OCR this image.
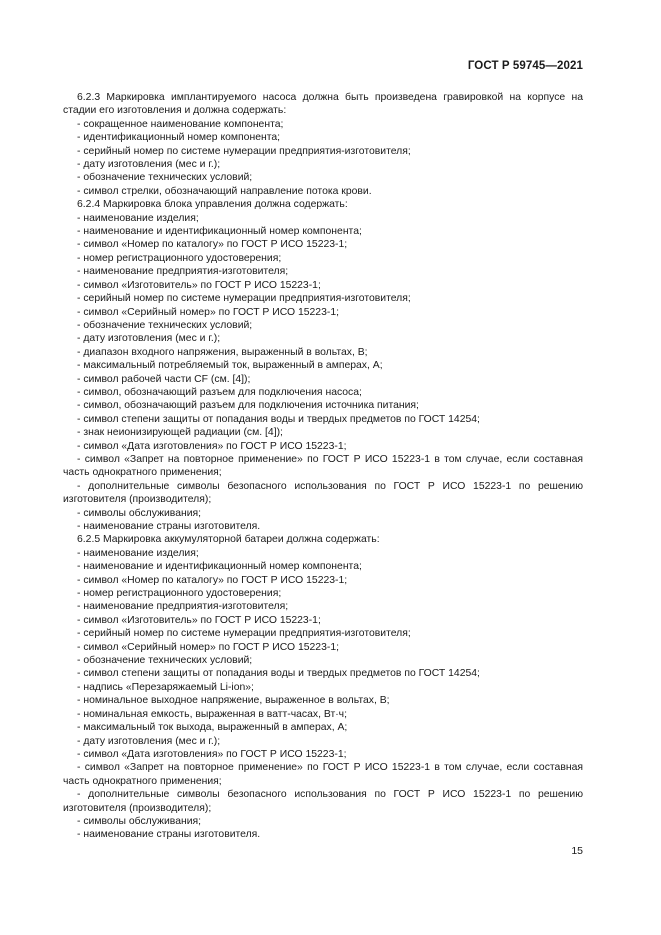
ГОСТ Р 59745—2021

6.2.3 Маркировка имплантируемого насоса должна быть произведена гравировкой на корпусе на стадии его изготовления и должна содержать:

- сокращенное наименование компонента;

- идентификационный номер компонента;

- серийный номер по системе нумерации предприятия-изготовителя;

- дату изготовления (мес и г.);

- обозначение технических условий;

- символ стрелки, обозначающий направление потока крови.

6.2.4 Маркировка блока управления должна содержать:

- наименование изделия;

- наименование и идентификационный номер компонента;

- символ «Номер по каталогу» по ГОСТ Р ИСО 15223-1;

- номер регистрационного удостоверения;

- наименование предприятия-изготовителя;

- символ «Изготовитель» по ГОСТ Р ИСО 15223-1;

- серийный номер по системе нумерации предприятия-изготовителя;

- символ «Серийный номер» по ГОСТ Р ИСО 15223-1;

- обозначение технических условий;

- дату изготовления (мес и г.);

- диапазон входного напряжения, выраженный в вольтах, В;

- максимальный потребляемый ток, выраженный в амперах, А;

- символ рабочей части CF (см. [4]);

- символ, обозначающий разъем для подключения насоса;

- символ, обозначающий разъем для подключения источника питания;

- символ степени защиты от попадания воды и твердых предметов по ГОСТ 14254;

- знак неионизирующей радиации (см. [4]);

- символ «Дата изготовления» по ГОСТ Р ИСО 15223-1;

- символ «Запрет на повторное применение» по ГОСТ Р ИСО 15223-1 в том случае, если составная часть однократного применения;

- дополнительные символы безопасного использования по ГОСТ Р ИСО 15223-1 по решению изготовителя (производителя);

- символы обслуживания;

- наименование страны изготовителя.

6.2.5 Маркировка аккумуляторной батареи должна содержать:

- наименование изделия;

- наименование и идентификационный номер компонента;

- символ «Номер по каталогу» по ГОСТ Р ИСО 15223-1;

- номер регистрационного удостоверения;

- наименование предприятия-изготовителя;

- символ «Изготовитель» по ГОСТ Р ИСО 15223-1;

- серийный номер по системе нумерации предприятия-изготовителя;

- символ «Серийный номер» по ГОСТ Р ИСО 15223-1;

- обозначение технических условий;

- символ степени защиты от попадания воды и твердых предметов по ГОСТ 14254;

- надпись «Перезаряжаемый Li-ion»;

- номинальное выходное напряжение, выраженное в вольтах, В;

- номинальная емкость, выраженная в ватт-часах, Вт·ч;

- максимальный ток выхода, выраженный в амперах, А;

- дату изготовления (мес и г.);

- символ «Дата изготовления» по ГОСТ Р ИСО 15223-1;

- символ «Запрет на повторное применение» по ГОСТ Р ИСО 15223-1 в том случае, если составная часть однократного применения;

- дополнительные символы безопасного использования по ГОСТ Р ИСО 15223-1 по решению изготовителя (производителя);

- символы обслуживания;

- наименование страны изготовителя.

15
